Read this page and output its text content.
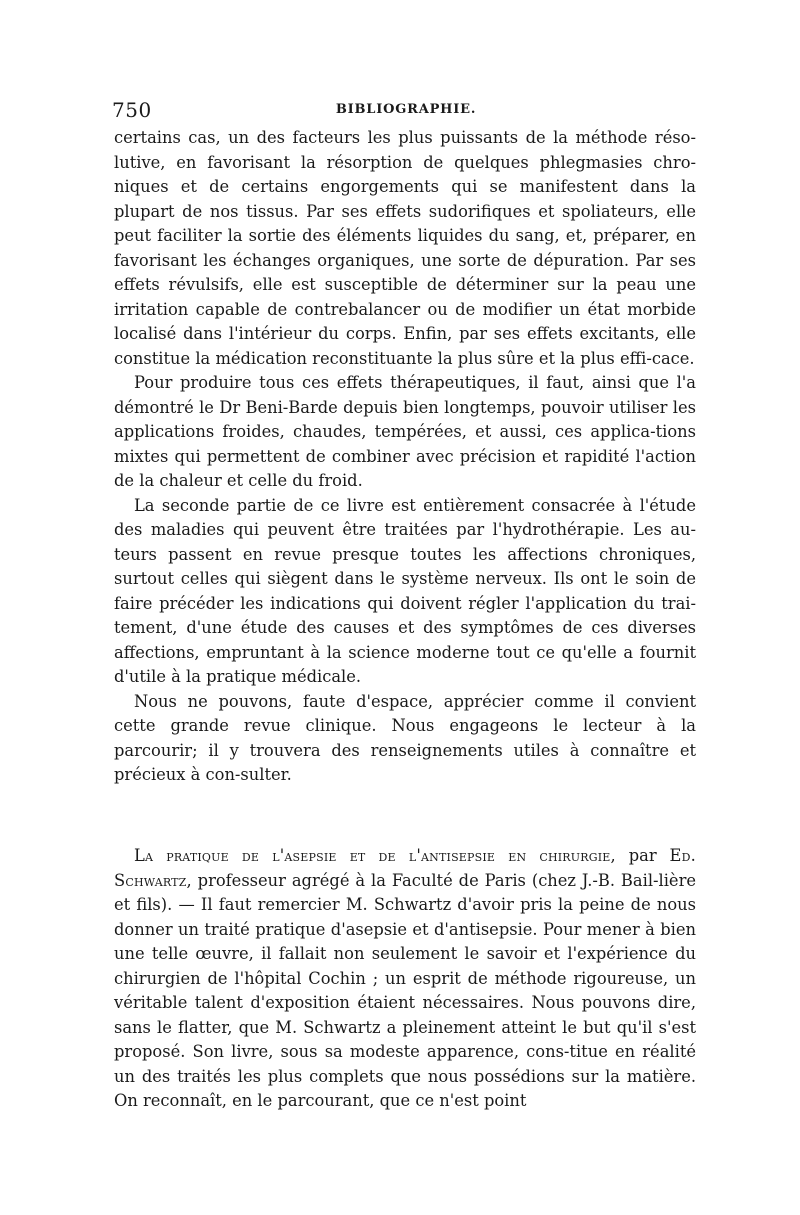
750	BIBLIOGRAPHIE.

certains cas, un des facteurs les plus puissants de la méthode réso-lutive, en favorisant la résorption de quelques phlegmasies chro-niques et de certains engorgements qui se manifestent dans la plupart de nos tissus. Par ses effets sudorifiques et spoliateurs, elle peut faciliter la sortie des éléments liquides du sang, et, préparer, en favorisant les échanges organiques, une sorte de dépuration. Par ses effets révulsifs, elle est susceptible de déterminer sur la peau une irritation capable de contrebalancer ou de modifier un état morbide localisé dans l'intérieur du corps. Enfin, par ses effets excitants, elle constitue la médication reconstituante la plus sûre et la plus effi-cace.

Pour produire tous ces effets thérapeutiques, il faut, ainsi que l'a démontré le Dr Beni-Barde depuis bien longtemps, pouvoir utiliser les applications froides, chaudes, tempérées, et aussi, ces applica-tions mixtes qui permettent de combiner avec précision et rapidité l'action de la chaleur et celle du froid.

La seconde partie de ce livre est entièrement consacrée à l'étude des maladies qui peuvent être traitées par l'hydrothérapie. Les au-teurs passent en revue presque toutes les affections chroniques, surtout celles qui siègent dans le système nerveux. Ils ont le soin de faire précéder les indications qui doivent régler l'application du trai-tement, d'une étude des causes et des symptômes de ces diverses affections, empruntant à la science moderne tout ce qu'elle a fournit d'utile à la pratique médicale.

Nous ne pouvons, faute d'espace, apprécier comme il convient cette grande revue clinique. Nous engageons le lecteur à la parcourir; il y trouvera des renseignements utiles à connaître et précieux à con-sulter.

La pratique de l'asepsie et de l'antisepsie en chirurgie, par Ed. Schwartz, professeur agrégé à la Faculté de Paris (chez J.-B. Bail-lière et fils). — Il faut remercier M. Schwartz d'avoir pris la peine de nous donner un traité pratique d'asepsie et d'antisepsie. Pour mener à bien une telle œuvre, il fallait non seulement le savoir et l'expérience du chirurgien de l'hôpital Cochin ; un esprit de méthode rigoureuse, un véritable talent d'exposition étaient nécessaires. Nous pouvons dire, sans le flatter, que M. Schwartz a pleinement atteint le but qu'il s'est proposé. Son livre, sous sa modeste apparence, cons-titue en réalité un des traités les plus complets que nous possédions sur la matière. On reconnaît, en le parcourant, que ce n'est point
